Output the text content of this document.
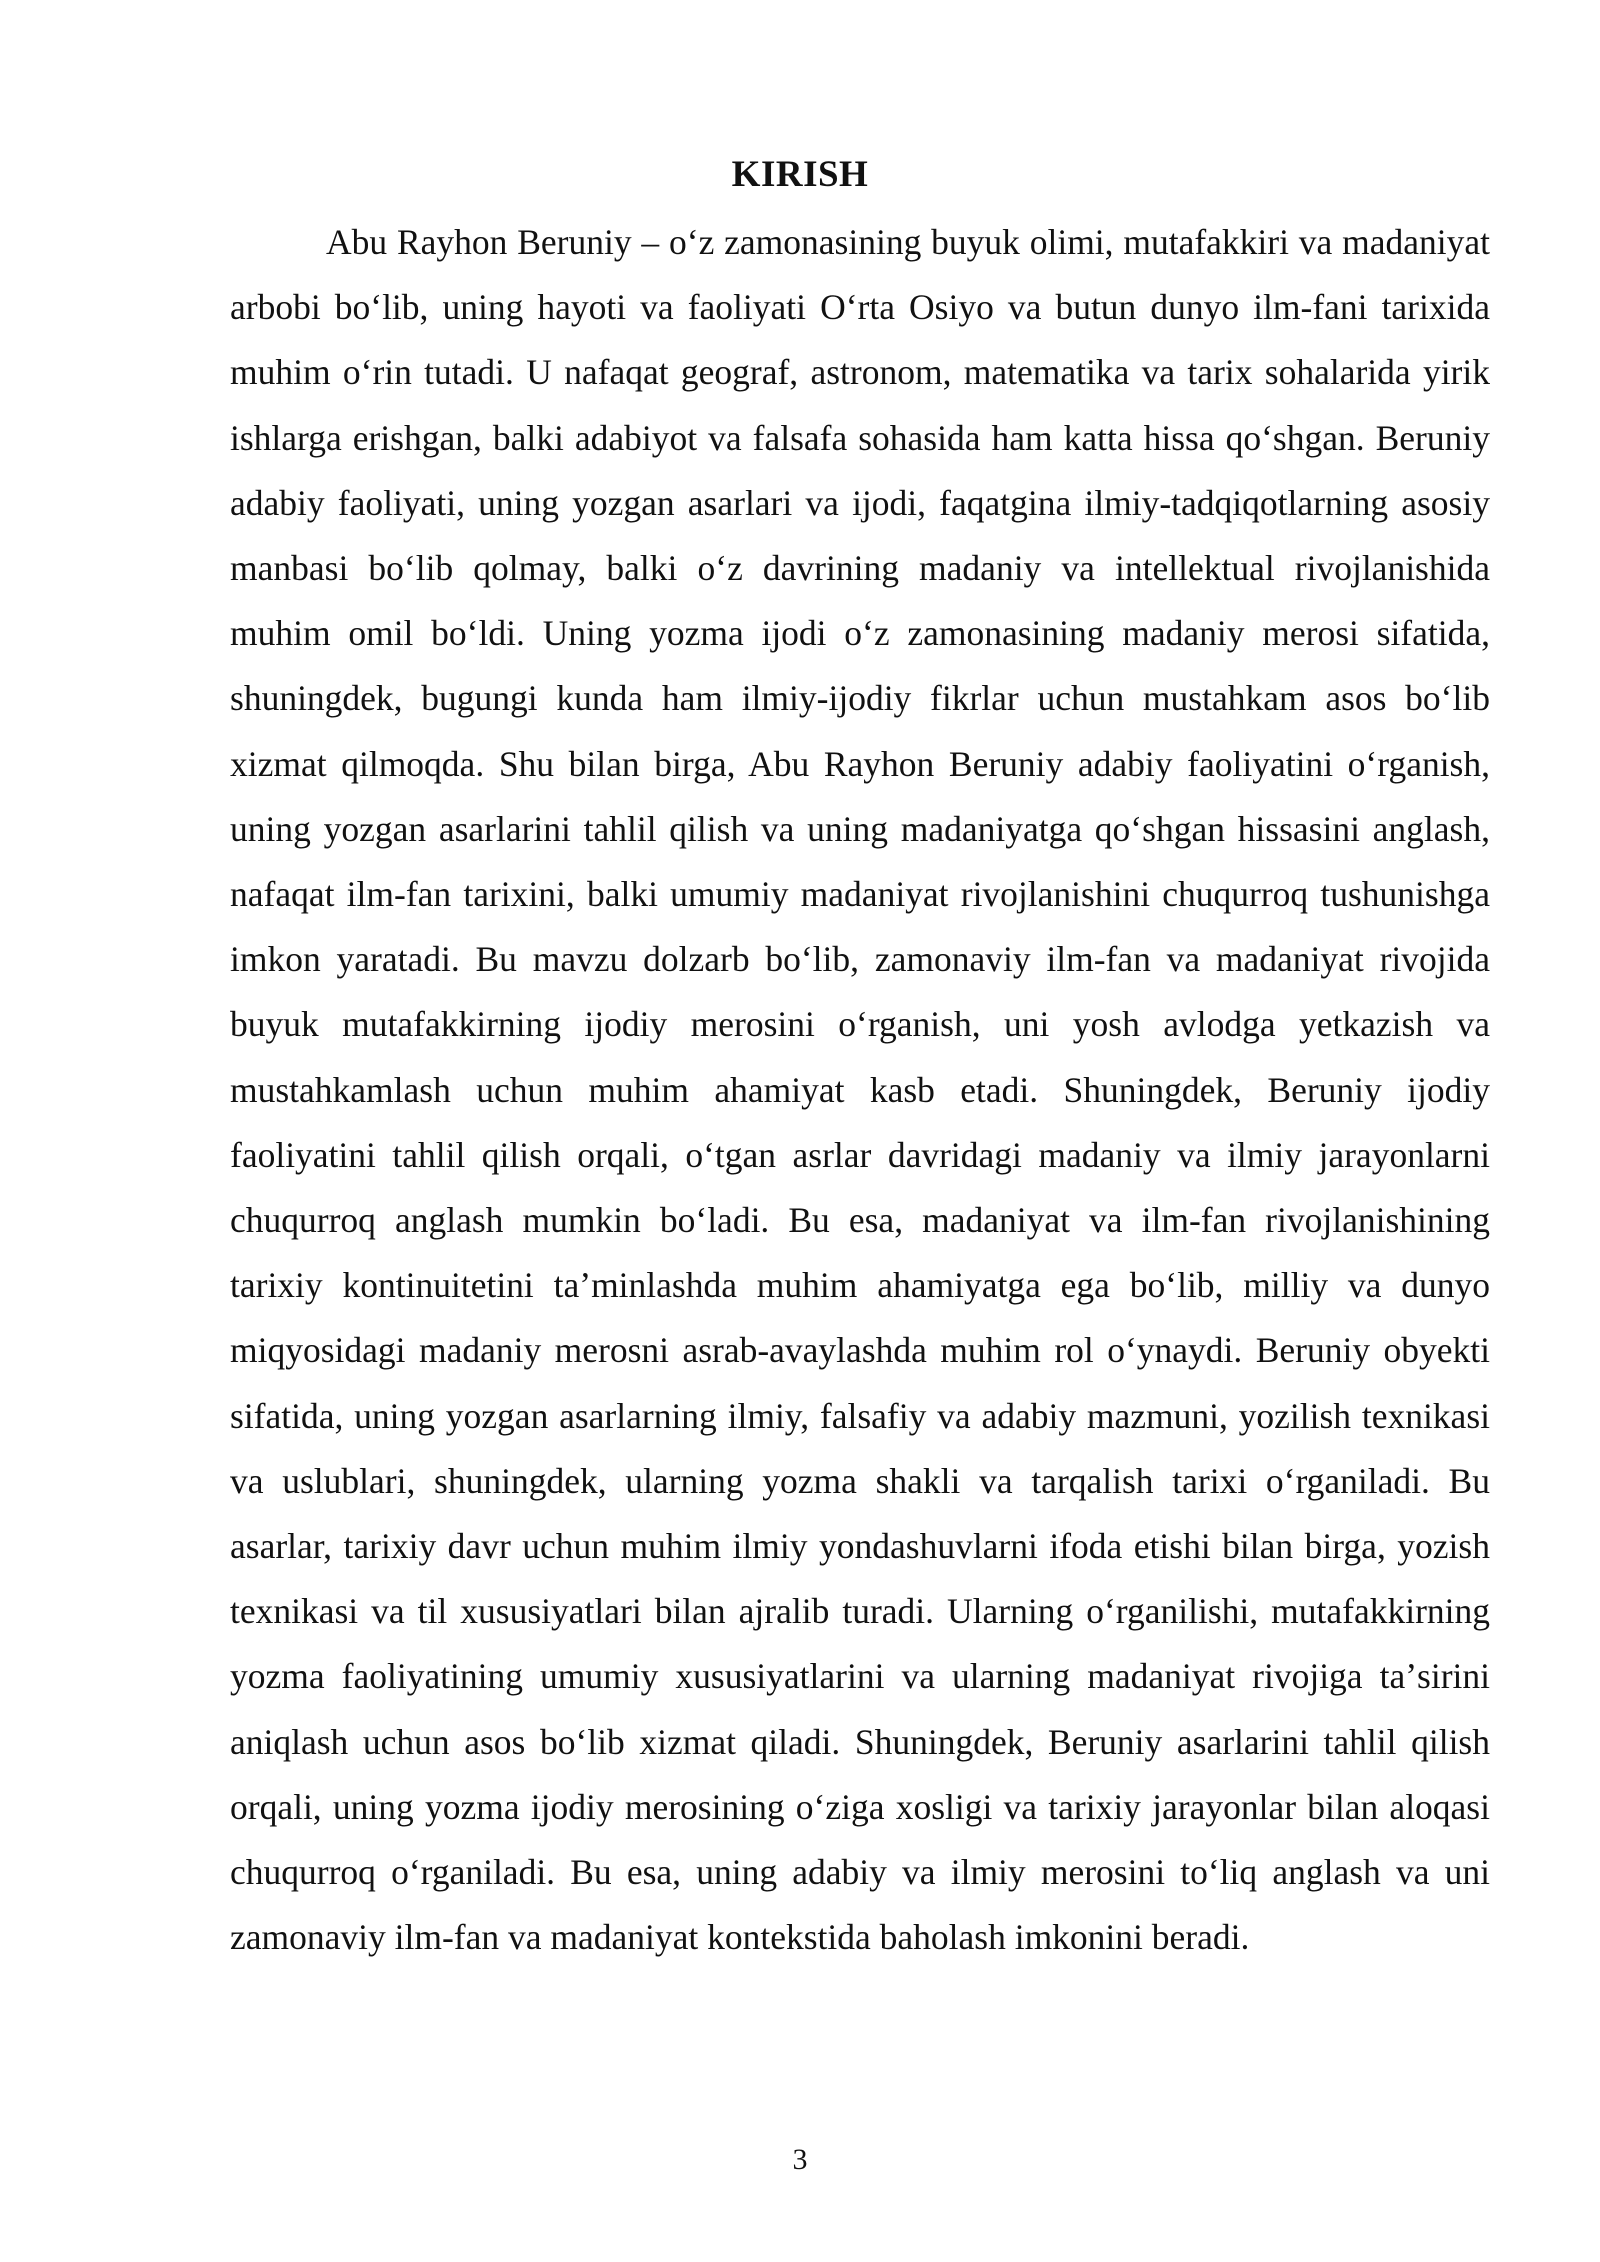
KIRISH

Abu Rayhon Beruniy – oʻz zamonasining buyuk olimi, mutafakkiri va madaniyat arbobi boʻlib, uning hayoti va faoliyati Oʻrta Osiyo va butun dunyo ilm-fani tarixida muhim oʻrin tutadi. U nafaqat geograf, astronom, matematika va tarix sohalarida yirik ishlarga erishgan, balki adabiyot va falsafa sohasida ham katta hissa qoʻshgan. Beruniy adabiy faoliyati, uning yozgan asarlari va ijodi, faqatgina ilmiy-tadqiqotlarning asosiy manbasi boʻlib qolmay, balki oʻz davrining madaniy va intellektual rivojlanishida muhim omil boʻldi. Uning yozma ijodi oʻz zamonasining madaniy merosi sifatida, shuningdek, bugungi kunda ham ilmiy-ijodiy fikrlar uchun mustahkam asos boʻlib xizmat qilmoqda. Shu bilan birga, Abu Rayhon Beruniy adabiy faoliyatini oʻrganish, uning yozgan asarlarini tahlil qilish va uning madaniyatga qoʻshgan hissasini anglash, nafaqat ilm-fan tarixini, balki umumiy madaniyat rivojlanishini chuqurroq tushunishga imkon yaratadi. Bu mavzu dolzarb boʻlib, zamonaviy ilm-fan va madaniyat rivojida buyuk mutafakkirning ijodiy merosini oʻrganish, uni yosh avlodga yetkazish va mustahkamlash uchun muhim ahamiyat kasb etadi. Shuningdek, Beruniy ijodiy faoliyatini tahlil qilish orqali, oʻtgan asrlar davridagi madaniy va ilmiy jarayonlarni chuqurroq anglash mumkin boʻladi. Bu esa, madaniyat va ilm-fan rivojlanishining tarixiy kontinuitetini taʼminlashda muhim ahamiyatga ega boʻlib, milliy va dunyo miqyosidagi madaniy merosni asrab-avaylashda muhim rol oʻynaydi. Beruniy obyekti sifatida, uning yozgan asarlarning ilmiy, falsafiy va adabiy mazmuni, yozilish texnikasi va uslublari, shuningdek, ularning yozma shakli va tarqalish tarixi oʻrganiladi. Bu asarlar, tarixiy davr uchun muhim ilmiy yondashuvlarni ifoda etishi bilan birga, yozish texnikasi va til xususiyatlari bilan ajralib turadi. Ularning oʻrganilishi, mutafakkirning yozma faoliyatining umumiy xususiyatlarini va ularning madaniyat rivojiga taʼsirini aniqlash uchun asos boʻlib xizmat qiladi. Shuningdek, Beruniy asarlarini tahlil qilish orqali, uning yozma ijodiy merosining oʻziga xosligi va tarixiy jarayonlar bilan aloqasi chuqurroq oʻrganiladi. Bu esa, uning adabiy va ilmiy merosini toʻliq anglash va uni zamonaviy ilm-fan va madaniyat kontekstida baholash imkonini beradi.

3
